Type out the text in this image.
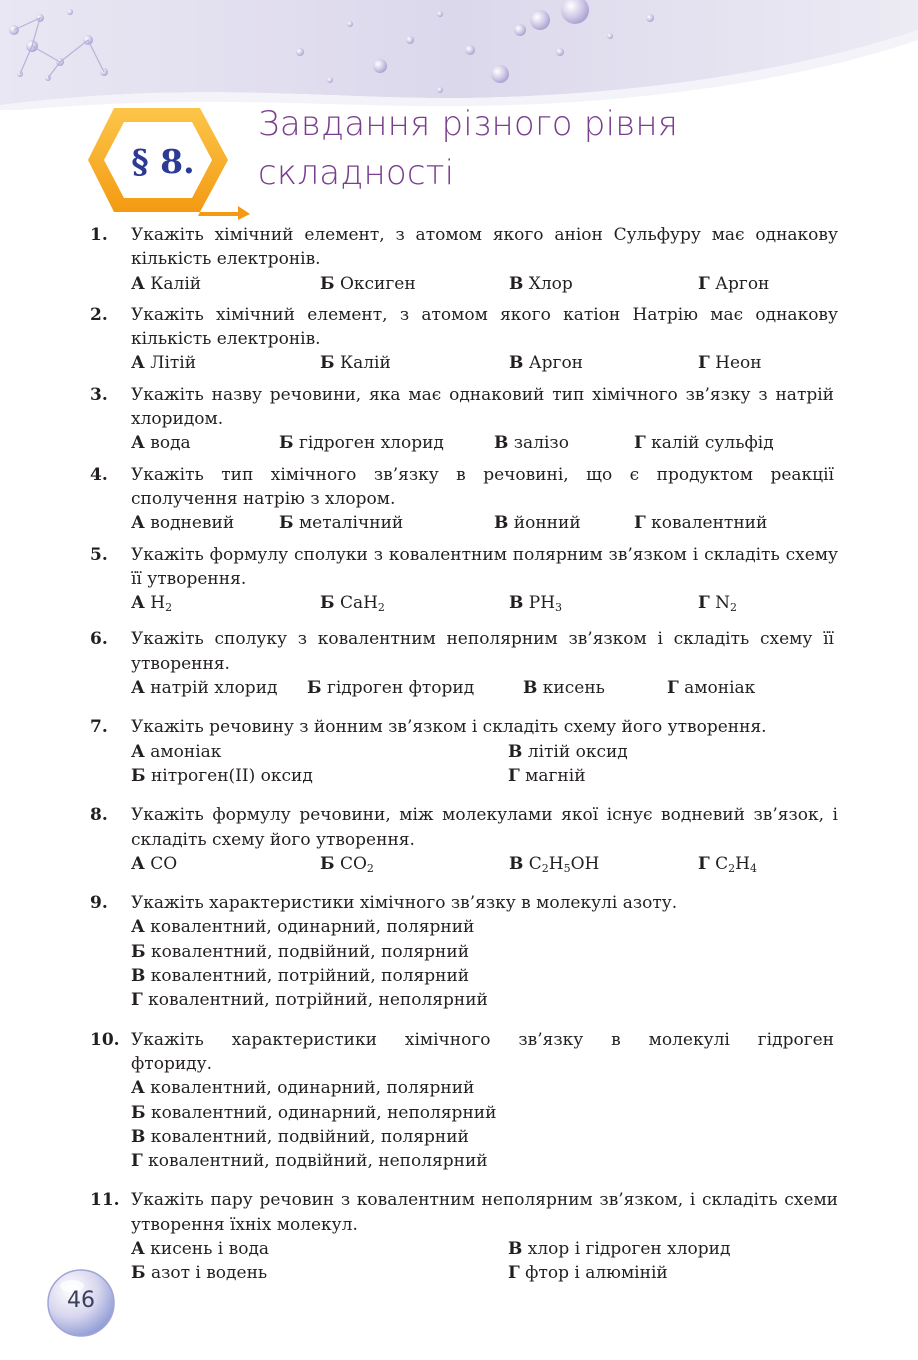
§ 8.
Завдання різного рівня
складності
1.	Укажіть хімічний елемент, з атомом якого аніон Сульфуру має однакову кількість електронів.
А Калій	Б Оксиген	В Хлор	Г Аргон
2.	Укажіть хімічний елемент, з атомом якого катіон Натрію має однакову кількість електронів.
А Літій	Б Калій	В Аргон	Г Неон
3.	Укажіть назву речовини, яка має однаковий тип хімічного зв’язку з натрій хлоридом.
А вода	Б гідроген хлорид	В залізо	Г калій сульфід
4.	Укажіть тип хімічного зв’язку в речовині, що є продуктом реакції сполучення натрію з хлором.
А водневий	Б металічний	В йонний	Г ковалентний
5.	Укажіть формулу сполуки з ковалентним полярним зв’язком і складіть схему її утворення.
А $H_2$	Б CaH$_2$	В $PH_3$	Г $N_2$
6.	Укажіть сполуку з ковалентним неполярним зв’язком і складіть схему її утворення.
А натрій хлорид	Б гідроген фторид	В кисень	Г амоніак
7.	Укажіть речовину з йонним зв’язком і складіть схему його утворення.
А амоніак	В літій оксид
Б нітроген(II) оксид	Г магній
8.	Укажіть формулу речовини, між молекулами якої існує водневий зв’язок, і складіть схему його утворення.
А CO	Б $CO_2$	В $C_2H_5OH$	Г $C_2H_4$
9.	Укажіть характеристики хімічного зв’язку в молекулі азоту.
А ковалентний, одинарний, полярний
Б ковалентний, подвійний, полярний
В ковалентний, потрійний, полярний
Г ковалентний, потрійний, неполярний
10. Укажіть характеристики хімічного зв’язку в молекулі гідроген фториду.
А ковалентний, одинарний, полярний
Б ковалентний, одинарний, неполярний
В ковалентний, подвійний, полярний
Г ковалентний, подвійний, неполярний
11. Укажіть пару речовин з ковалентним неполярним зв’язком, і складіть схеми утворення їхніх молекул.
А кисень і вода	В хлор і гідроген хлорид
Б азот і водень	Г фтор і алюміній
46
